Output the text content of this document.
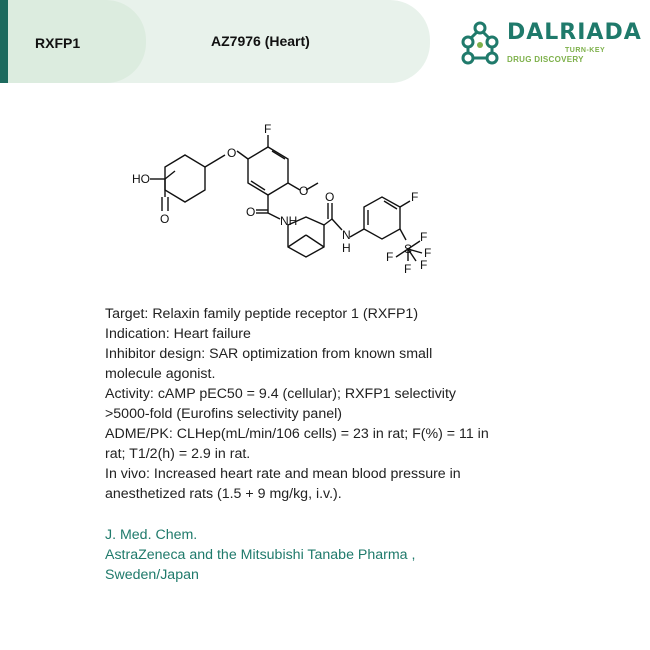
RXFP1	AZ7976 (Heart)	DALRIADA
TURN-KEY
DRUG DISCOVERY
HO
O
O
F
O
O
NH
O
N
H
F
S
F
F
F
F F
Target: Relaxin family peptide receptor 1 (RXFP1)
Indication: Heart failure
Inhibitor design: SAR optimization from known small
molecule agonist.
Activity: cAMP pEC50 = 9.4 (cellular); RXFP1 selectivity
>5000-fold (Eurofins selectivity panel)
ADME/PK: CLHep(mL/min/106 cells) = 23 in rat; F(%) = 11 in
rat; T1/2(h) = 2.9 in rat.
In vivo: Increased heart rate and mean blood pressure in
anesthetized rats (1.5 + 9 mg/kg, i.v.).
J. Med. Chem.
AstraZeneca and the Mitsubishi Tanabe Pharma ,
Sweden/Japan
